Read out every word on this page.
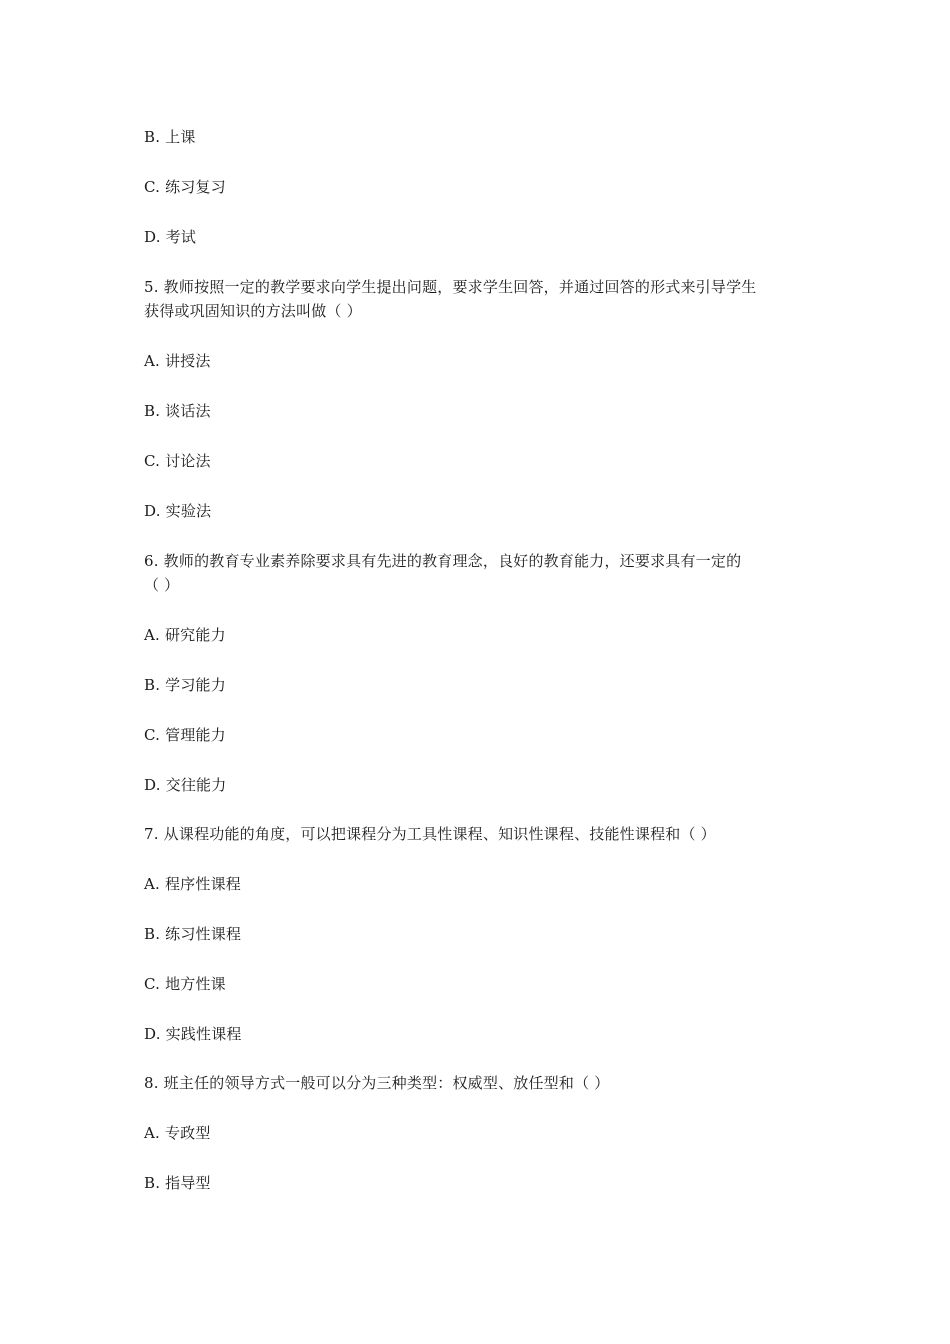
B. 上课
C. 练习复习
D. 考试
5. 教师按照一定的教学要求向学生提出问题，要求学生回答，并通过回答的形式来引导学生
获得或巩固知识的方法叫做（ ）
A. 讲授法
B. 谈话法
C. 讨论法
D. 实验法
6. 教师的教育专业素养除要求具有先进的教育理念，良好的教育能力，还要求具有一定的
（ ）
A. 研究能力
B. 学习能力
C. 管理能力
D. 交往能力
7. 从课程功能的角度，可以把课程分为工具性课程、知识性课程、技能性课程和（ ）
A. 程序性课程
B. 练习性课程
C. 地方性课
D. 实践性课程
8. 班主任的领导方式一般可以分为三种类型：权威型、放任型和（ ）
A. 专政型
B. 指导型
